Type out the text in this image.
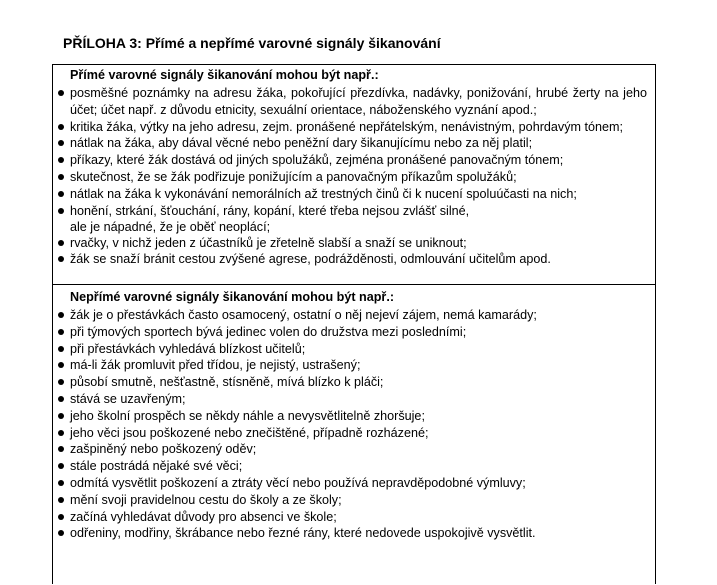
PŘÍLOHA 3: Přímé a nepřímé varovné signály šikanování
Přímé varovné signály šikanování mohou být např.:
posměšné poznámky na adresu žáka, pokořující přezdívka, nadávky, ponižování, hrubé žerty na jeho účet; účet např. z důvodu etnicity, sexuální orientace, náboženského vyznání apod.;
kritika žáka, výtky na jeho adresu, zejm. pronášené nepřátelským, nenávistným, pohrdavým tónem;
nátlak na žáka, aby dával věcné nebo peněžní dary šikanujícímu nebo za něj platil;
příkazy, které žák dostává od jiných spolužáků, zejména pronášené panovačným tónem;
skutečnost, že se žák podřizuje ponižujícím a panovačným příkazům spolužáků;
nátlak na žáka k vykonávání nemorálních až trestných činů či k nucení spoluúčasti na nich;
honění, strkání, šťouchání, rány, kopání, které třeba nejsou zvlášť silné,
ale je nápadné, že je oběť neoplácí;
rvačky, v nichž jeden z účastníků je zřetelně slabší a snaží se uniknout;
žák se snaží bránit cestou zvýšené agrese, podrážděnosti, odmlouvání učitelům apod.
Nepřímé varovné signály šikanování mohou být např.:
žák je o přestávkách často osamocený, ostatní o něj nejeví zájem, nemá kamarády;
při týmových sportech bývá jedinec volen do družstva mezi posledními;
při přestávkách vyhledává blízkost učitelů;
má-li žák promluvit před třídou, je nejistý, ustrašený;
působí smutně, nešťastně, stísněně, mívá blízko k pláči;
stává se uzavřeným;
jeho školní prospěch se někdy náhle a nevysvětlitelně zhoršuje;
jeho věci jsou poškozené nebo znečištěné, případně rozházené;
zašpiněný nebo poškozený oděv;
stále postrádá nějaké své věci;
odmítá vysvětlit poškození a ztráty věcí nebo používá nepravděpodobné výmluvy;
mění svoji pravidelnou cestu do školy a ze školy;
začíná vyhledávat důvody pro absenci ve škole;
odřeniny, modřiny, škrábance nebo řezné rány, které nedovede uspokojivě vysvětlit.
